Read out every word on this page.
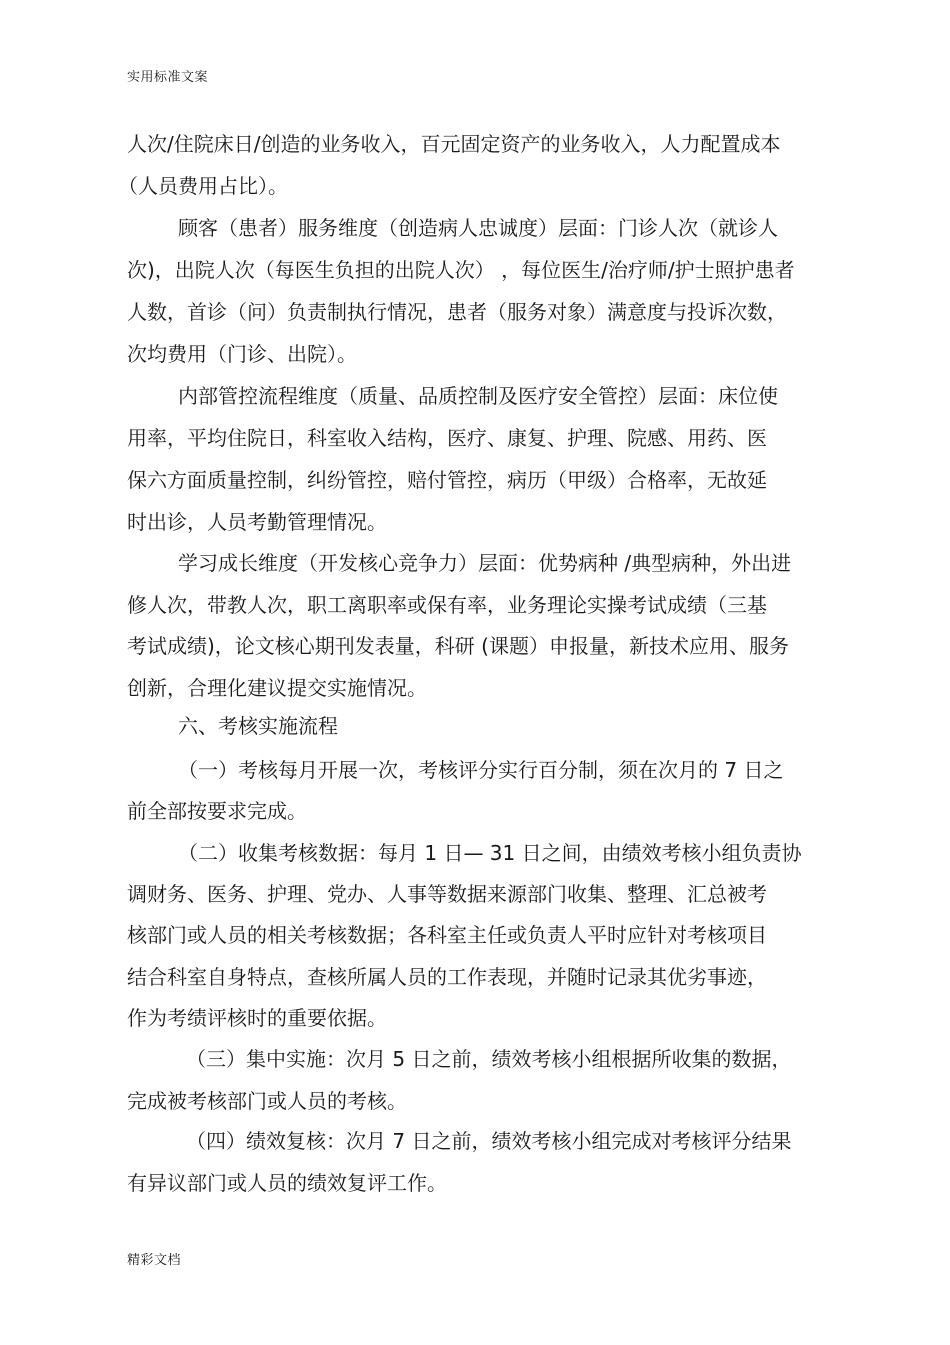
实用标准文案
人次/住院床日/创造的业务收入，百元固定资产的业务收入，人力配置成本
（人员费用占比）。
顾客（患者）服务维度（创造病人忠诚度）层面：门诊人次（就诊人
次)，出院人次（每医生负担的出院人次） ，每位医生/治疗师/护士照护患者
人数，首诊（问）负责制执行情况，患者（服务对象）满意度与投诉次数，
次均费用（门诊、出院）。
内部管控流程维度（质量、品质控制及医疗安全管控）层面：床位使
用率，平均住院日，科室收入结构，医疗、康复、护理、院感、用药、医
保六方面质量控制，纠纷管控，赔付管控，病历（甲级）合格率，无故延
时出诊，人员考勤管理情况。
学习成长维度（开发核心竞争力）层面：优势病种 /典型病种，外出进
修人次，带教人次，职工离职率或保有率，业务理论实操考试成绩（三基
考试成绩)，论文核心期刊发表量，科研 (课题）申报量，新技术应用、服务
创新，合理化建议提交实施情况。
六、考核实施流程
（一）考核每月开展一次，考核评分实行百分制，须在次月的 7 日之
前全部按要求完成。
（二）收集考核数据：每月 1 日— 31 日之间，由绩效考核小组负责协
调财务、医务、护理、党办、人事等数据来源部门收集、整理、汇总被考
核部门或人员的相关考核数据；各科室主任或负责人平时应针对考核项目
结合科室自身特点，查核所属人员的工作表现，并随时记录其优劣事迹，
作为考绩评核时的重要依据。
（三）集中实施：次月 5 日之前，绩效考核小组根据所收集的数据，
完成被考核部门或人员的考核。
（四）绩效复核：次月 7 日之前，绩效考核小组完成对考核评分结果
有异议部门或人员的绩效复评工作。
精彩文档
